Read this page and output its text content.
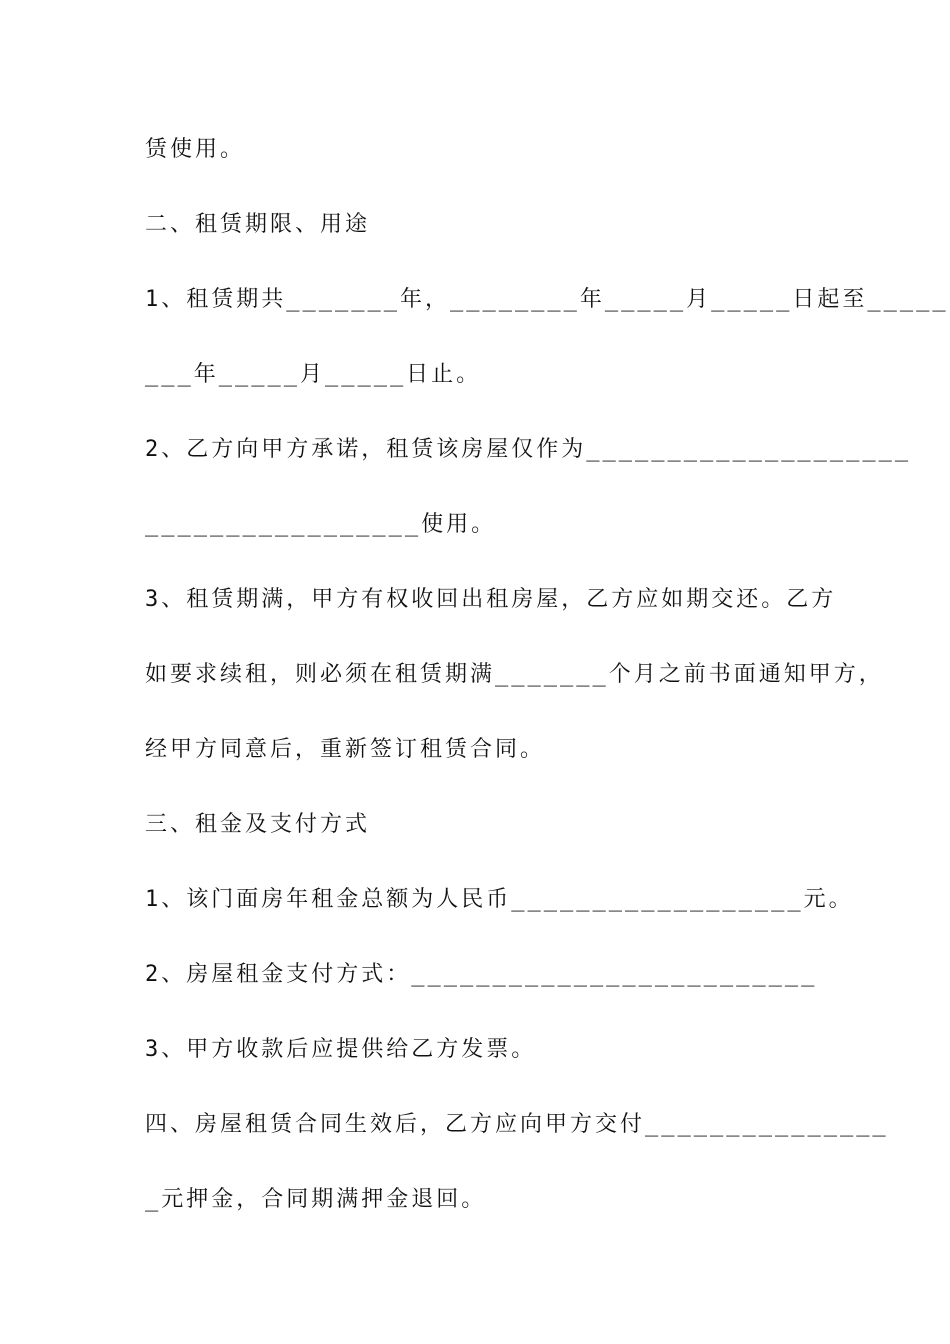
赁使用。
二、租赁期限、用途
1、租赁期共_______年，________年_____月_____日起至_____
___年_____月_____日止。
2、乙方向甲方承诺，租赁该房屋仅作为____________________
_________________使用。
3、租赁期满，甲方有权收回出租房屋，乙方应如期交还。乙方
如要求续租，则必须在租赁期满_______个月之前书面通知甲方，
经甲方同意后，重新签订租赁合同。
三、租金及支付方式
1、该门面房年租金总额为人民币__________________元。
2、房屋租金支付方式：_________________________
3、甲方收款后应提供给乙方发票。
四、房屋租赁合同生效后，乙方应向甲方交付_______________
_元押金，合同期满押金退回。
